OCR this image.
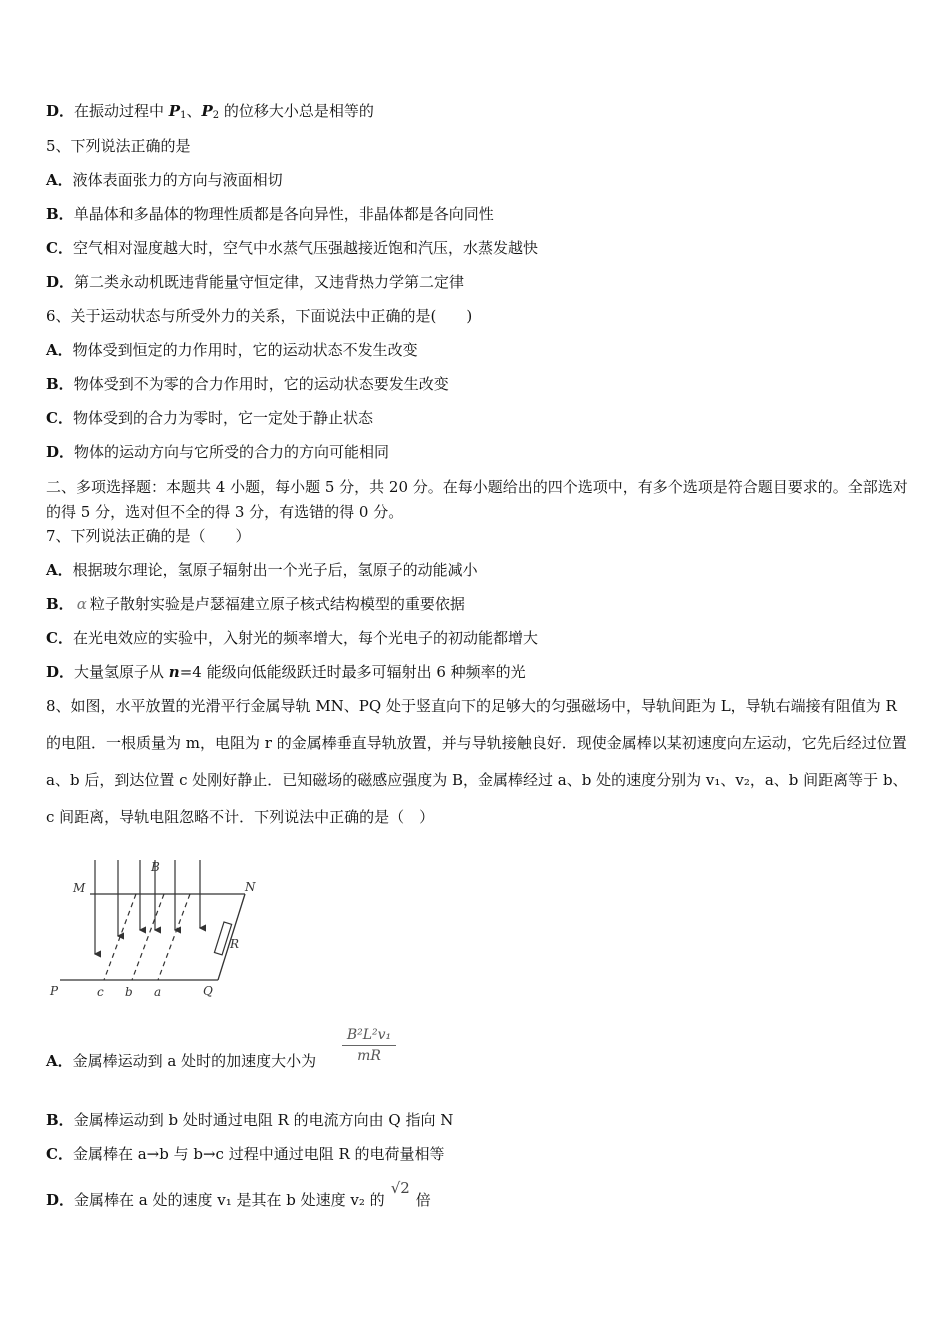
D．在振动过程中 $P_1$、$P_2$ 的位移大小总是相等的
5、下列说法正确的是
A．液体表面张力的方向与液面相切
B．单晶体和多晶体的物理性质都是各向异性，非晶体都是各向同性
C．空气相对湿度越大时，空气中水蒸气压强越接近饱和汽压，水蒸发越快
D．第二类永动机既违背能量守恒定律，又违背热力学第二定律
6、关于运动状态与所受外力的关系，下面说法中正确的是(　　)
A．物体受到恒定的力作用时，它的运动状态不发生改变
B．物体受到不为零的合力作用时，它的运动状态要发生改变
C．物体受到的合力为零时，它一定处于静止状态
D．物体的运动方向与它所受的合力的方向可能相同
二、多项选择题：本题共 4 小题，每小题 5 分，共 20 分。在每小题给出的四个选项中，有多个选项是符合题目要求的。全部选对的得 5 分，选对但不全的得 3 分，有选错的得 0 分。
7、下列说法正确的是（　　）
A．根据玻尔理论，氢原子辐射出一个光子后，氢原子的动能减小
B． α 粒子散射实验是卢瑟福建立原子核式结构模型的重要依据
C．在光电效应的实验中，入射光的频率增大，每个光电子的初动能都增大
D．大量氢原子从 n=4 能级向低能级跃迁时最多可辐射出 6 种频率的光
8、如图，水平放置的光滑平行金属导轨 MN、PQ 处于竖直向下的足够大的匀强磁场中，导轨间距为 L，导轨右端接有阻值为 R 的电阻．一根质量为 m，电阻为 r 的金属棒垂直导轨放置，并与导轨接触良好．现使金属棒以某初速度向左运动，它先后经过位置 a、b 后，到达位置 c 处刚好静止．已知磁场的磁感应强度为 B，金属棒经过 a、b 处的速度分别为 v₁、v₂，a、b 间距离等于 b、c 间距离，导轨电阻忽略不计．下列说法中正确的是（　）
M	N
B
R
P	c b a	Q
A．金属棒运动到 a 处时的加速度大小为
B²L²v₁
mR
B．金属棒运动到 b 处时通过电阻 R 的电流方向由 Q 指向 N
C．金属棒在 a→b 与 b→c 过程中通过电阻 R 的电荷量相等
D．金属棒在 a 处的速度 v₁ 是其在 b 处速度 v₂ 的√2倍
